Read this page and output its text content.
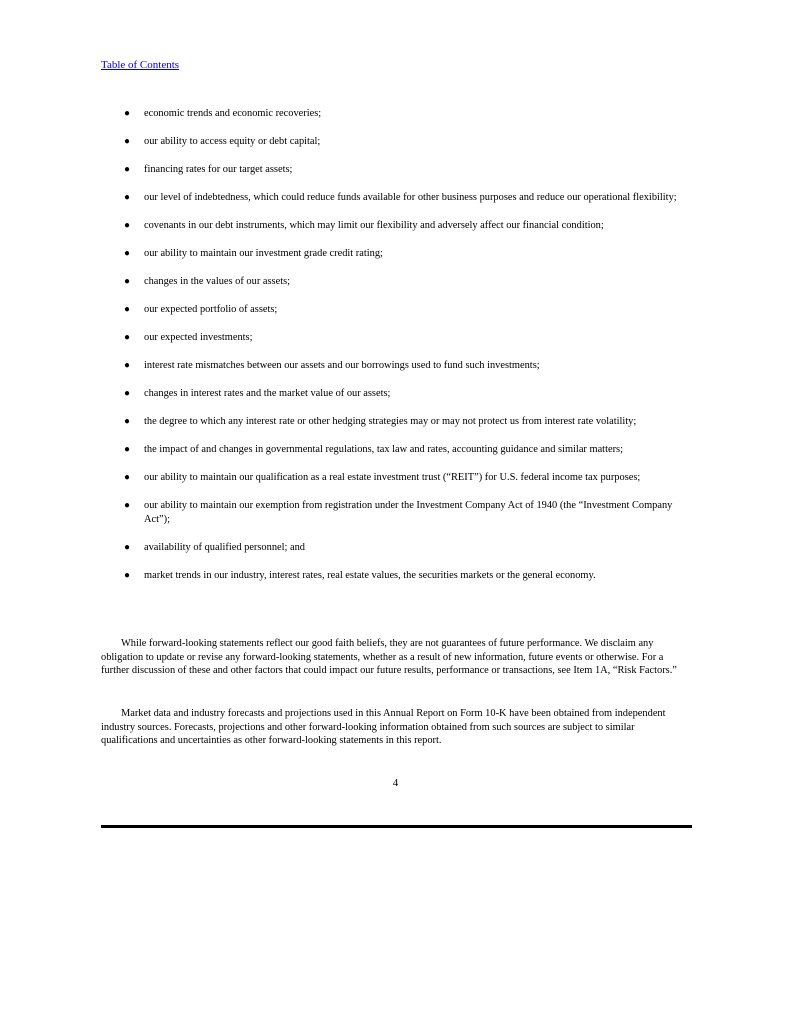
Table of Contents
● economic trends and economic recoveries;
● our ability to access equity or debt capital;
● financing rates for our target assets;
● our level of indebtedness, which could reduce funds available for other business purposes and reduce our operational flexibility;
● covenants in our debt instruments, which may limit our flexibility and adversely affect our financial condition;
● our ability to maintain our investment grade credit rating;
● changes in the values of our assets;
● our expected portfolio of assets;
● our expected investments;
● interest rate mismatches between our assets and our borrowings used to fund such investments;
● changes in interest rates and the market value of our assets;
● the degree to which any interest rate or other hedging strategies may or may not protect us from interest rate volatility;
● the impact of and changes in governmental regulations, tax law and rates, accounting guidance and similar matters;
● our ability to maintain our qualification as a real estate investment trust (“REIT”) for U.S. federal income tax purposes;
● our ability to maintain our exemption from registration under the Investment Company Act of 1940 (the “Investment Company Act”);
● availability of qualified personnel; and
● market trends in our industry, interest rates, real estate values, the securities markets or the general economy.

While forward-looking statements reflect our good faith beliefs, they are not guarantees of future performance. We disclaim any obligation to update or revise any forward-looking statements, whether as a result of new information, future events or otherwise. For a further discussion of these and other factors that could impact our future results, performance or transactions, see Item 1A, “Risk Factors.”

Market data and industry forecasts and projections used in this Annual Report on Form 10-K have been obtained from independent industry sources. Forecasts, projections and other forward-looking information obtained from such sources are subject to similar qualifications and uncertainties as other forward-looking statements in this report.

4
